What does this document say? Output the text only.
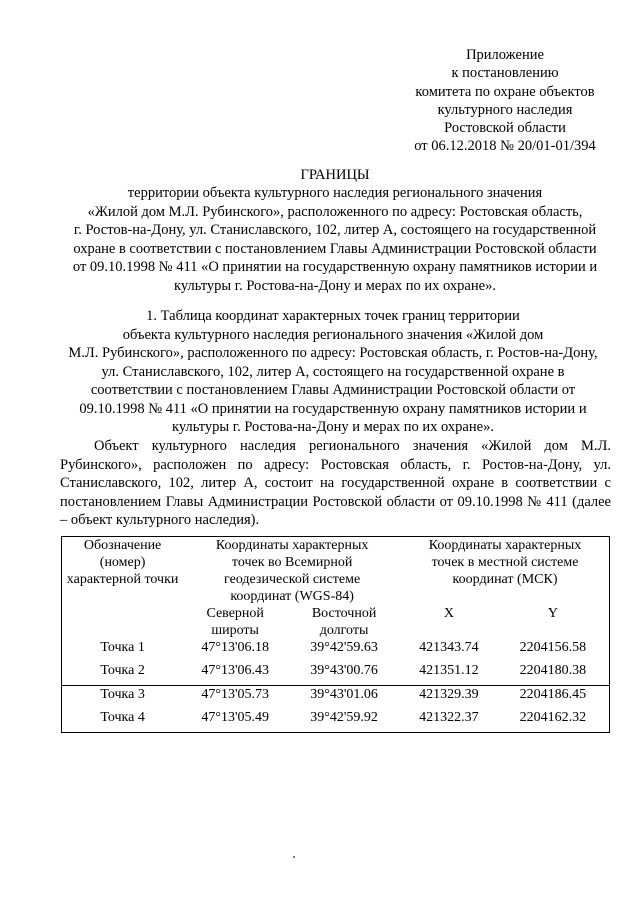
Приложение
к постановлению
комитета по охране объектов
культурного наследия
Ростовской области
от 06.12.2018 № 20/01-01/394
ГРАНИЦЫ
территории объекта культурного наследия регионального значения
«Жилой дом М.Л. Рубинского», расположенного по адресу: Ростовская область,
г. Ростов-на-Дону, ул. Станиславского, 102, литер А, состоящего на государственной
охране в соответствии с постановлением Главы Администрации Ростовской области
от 09.10.1998 № 411 «О принятии на государственную охрану памятников истории и
культуры г. Ростова-на-Дону и мерах по их охране».
1. Таблица координат характерных точек границ территории
объекта культурного наследия регионального значения «Жилой дом
М.Л. Рубинского», расположенного по адресу: Ростовская область, г. Ростов-на-Дону,
ул. Станиславского, 102, литер А, состоящего на государственной охране в
соответствии с постановлением Главы Администрации Ростовской области от
09.10.1998 № 411 «О принятии на государственную охрану памятников истории и
культуры г. Ростова-на-Дону и мерах по их охране».
Объект культурного наследия регионального значения «Жилой дом М.Л. Рубинского», расположен по адресу: Ростовская область, г. Ростов-на-Дону, ул. Станиславского, 102, литер А, состоит на государственной охране в соответствии с постановлением Главы Администрации Ростовской области от 09.10.1998 № 411 (далее – объект культурного наследия).
Обозначение (номер) характерной точки	Координаты характерных точек во Всемирной геодезической системе координат (WGS-84)		Координаты характерных точек в местной системе координат (МСК)	
	Северной широты	Восточной долготы	X	Y
Точка 1	47°13'06.18	39°42'59.63	421343.74	2204156.58
Точка 2	47°13'06.43	39°43'00.76	421351.12	2204180.38
Точка 3	47°13'05.73	39°43'01.06	421329.39	2204186.45
Точка 4	47°13'05.49	39°42'59.92	421322.37	2204162.32
